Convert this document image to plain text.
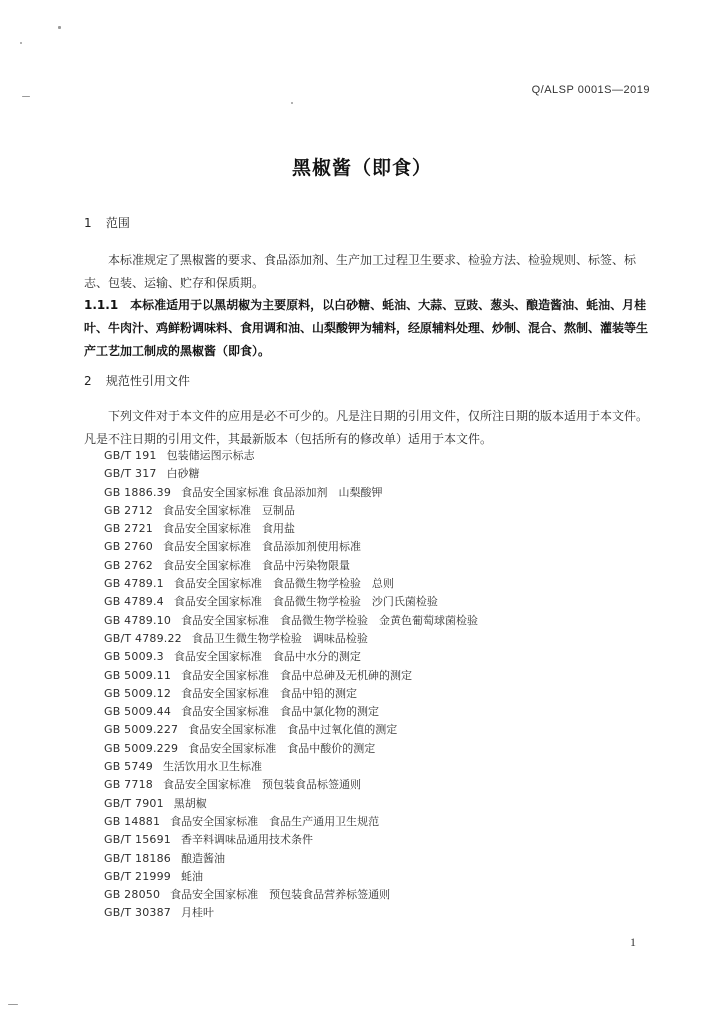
Q/ALSP 0001S—2019
黑椒酱（即食）
1 范围
本标准规定了黑椒酱的要求、食品添加剂、生产加工过程卫生要求、检验方法、检验规则、标签、标志、包装、运输、贮存和保质期。
1.1.1　本标准适用于以黑胡椒为主要原料，以白砂糖、蚝油、大蒜、豆豉、葱头、酿造酱油、蚝油、月桂叶、牛肉汁、鸡鲜粉调味料、食用调和油、山梨酸钾为辅料，经原辅料处理、炒制、混合、熬制、灌装等生产工艺加工制成的黑椒酱（即食）。
2 规范性引用文件
下列文件对于本文件的应用是必不可少的。凡是注日期的引用文件，仅所注日期的版本适用于本文件。凡是不注日期的引用文件，其最新版本（包括所有的修改单）适用于本文件。
GB/T 191 包装储运图示标志
GB/T 317 白砂糖
GB 1886.39 食品安全国家标准 食品添加剂　山梨酸钾
GB 2712 食品安全国家标准　豆制品
GB 2721 食品安全国家标准　食用盐
GB 2760 食品安全国家标准　食品添加剂使用标准
GB 2762 食品安全国家标准　食品中污染物限量
GB 4789.1 食品安全国家标准　食品微生物学检验　总则
GB 4789.4 食品安全国家标准　食品微生物学检验　沙门氏菌检验
GB 4789.10 食品安全国家标准　食品微生物学检验　金黄色葡萄球菌检验
GB/T 4789.22 食品卫生微生物学检验　调味品检验
GB 5009.3 食品安全国家标准　食品中水分的测定
GB 5009.11 食品安全国家标准　食品中总砷及无机砷的测定
GB 5009.12 食品安全国家标准　食品中铅的测定
GB 5009.44 食品安全国家标准　食品中氯化物的测定
GB 5009.227 食品安全国家标准　食品中过氧化值的测定
GB 5009.229 食品安全国家标准　食品中酸价的测定
GB 5749 生活饮用水卫生标准
GB 7718 食品安全国家标准　预包装食品标签通则
GB/T 7901 黑胡椒
GB 14881 食品安全国家标准　食品生产通用卫生规范
GB/T 15691 香辛料调味品通用技术条件
GB/T 18186 酿造酱油
GB/T 21999 蚝油
GB 28050 食品安全国家标准　预包装食品营养标签通则
GB/T 30387 月桂叶
1
